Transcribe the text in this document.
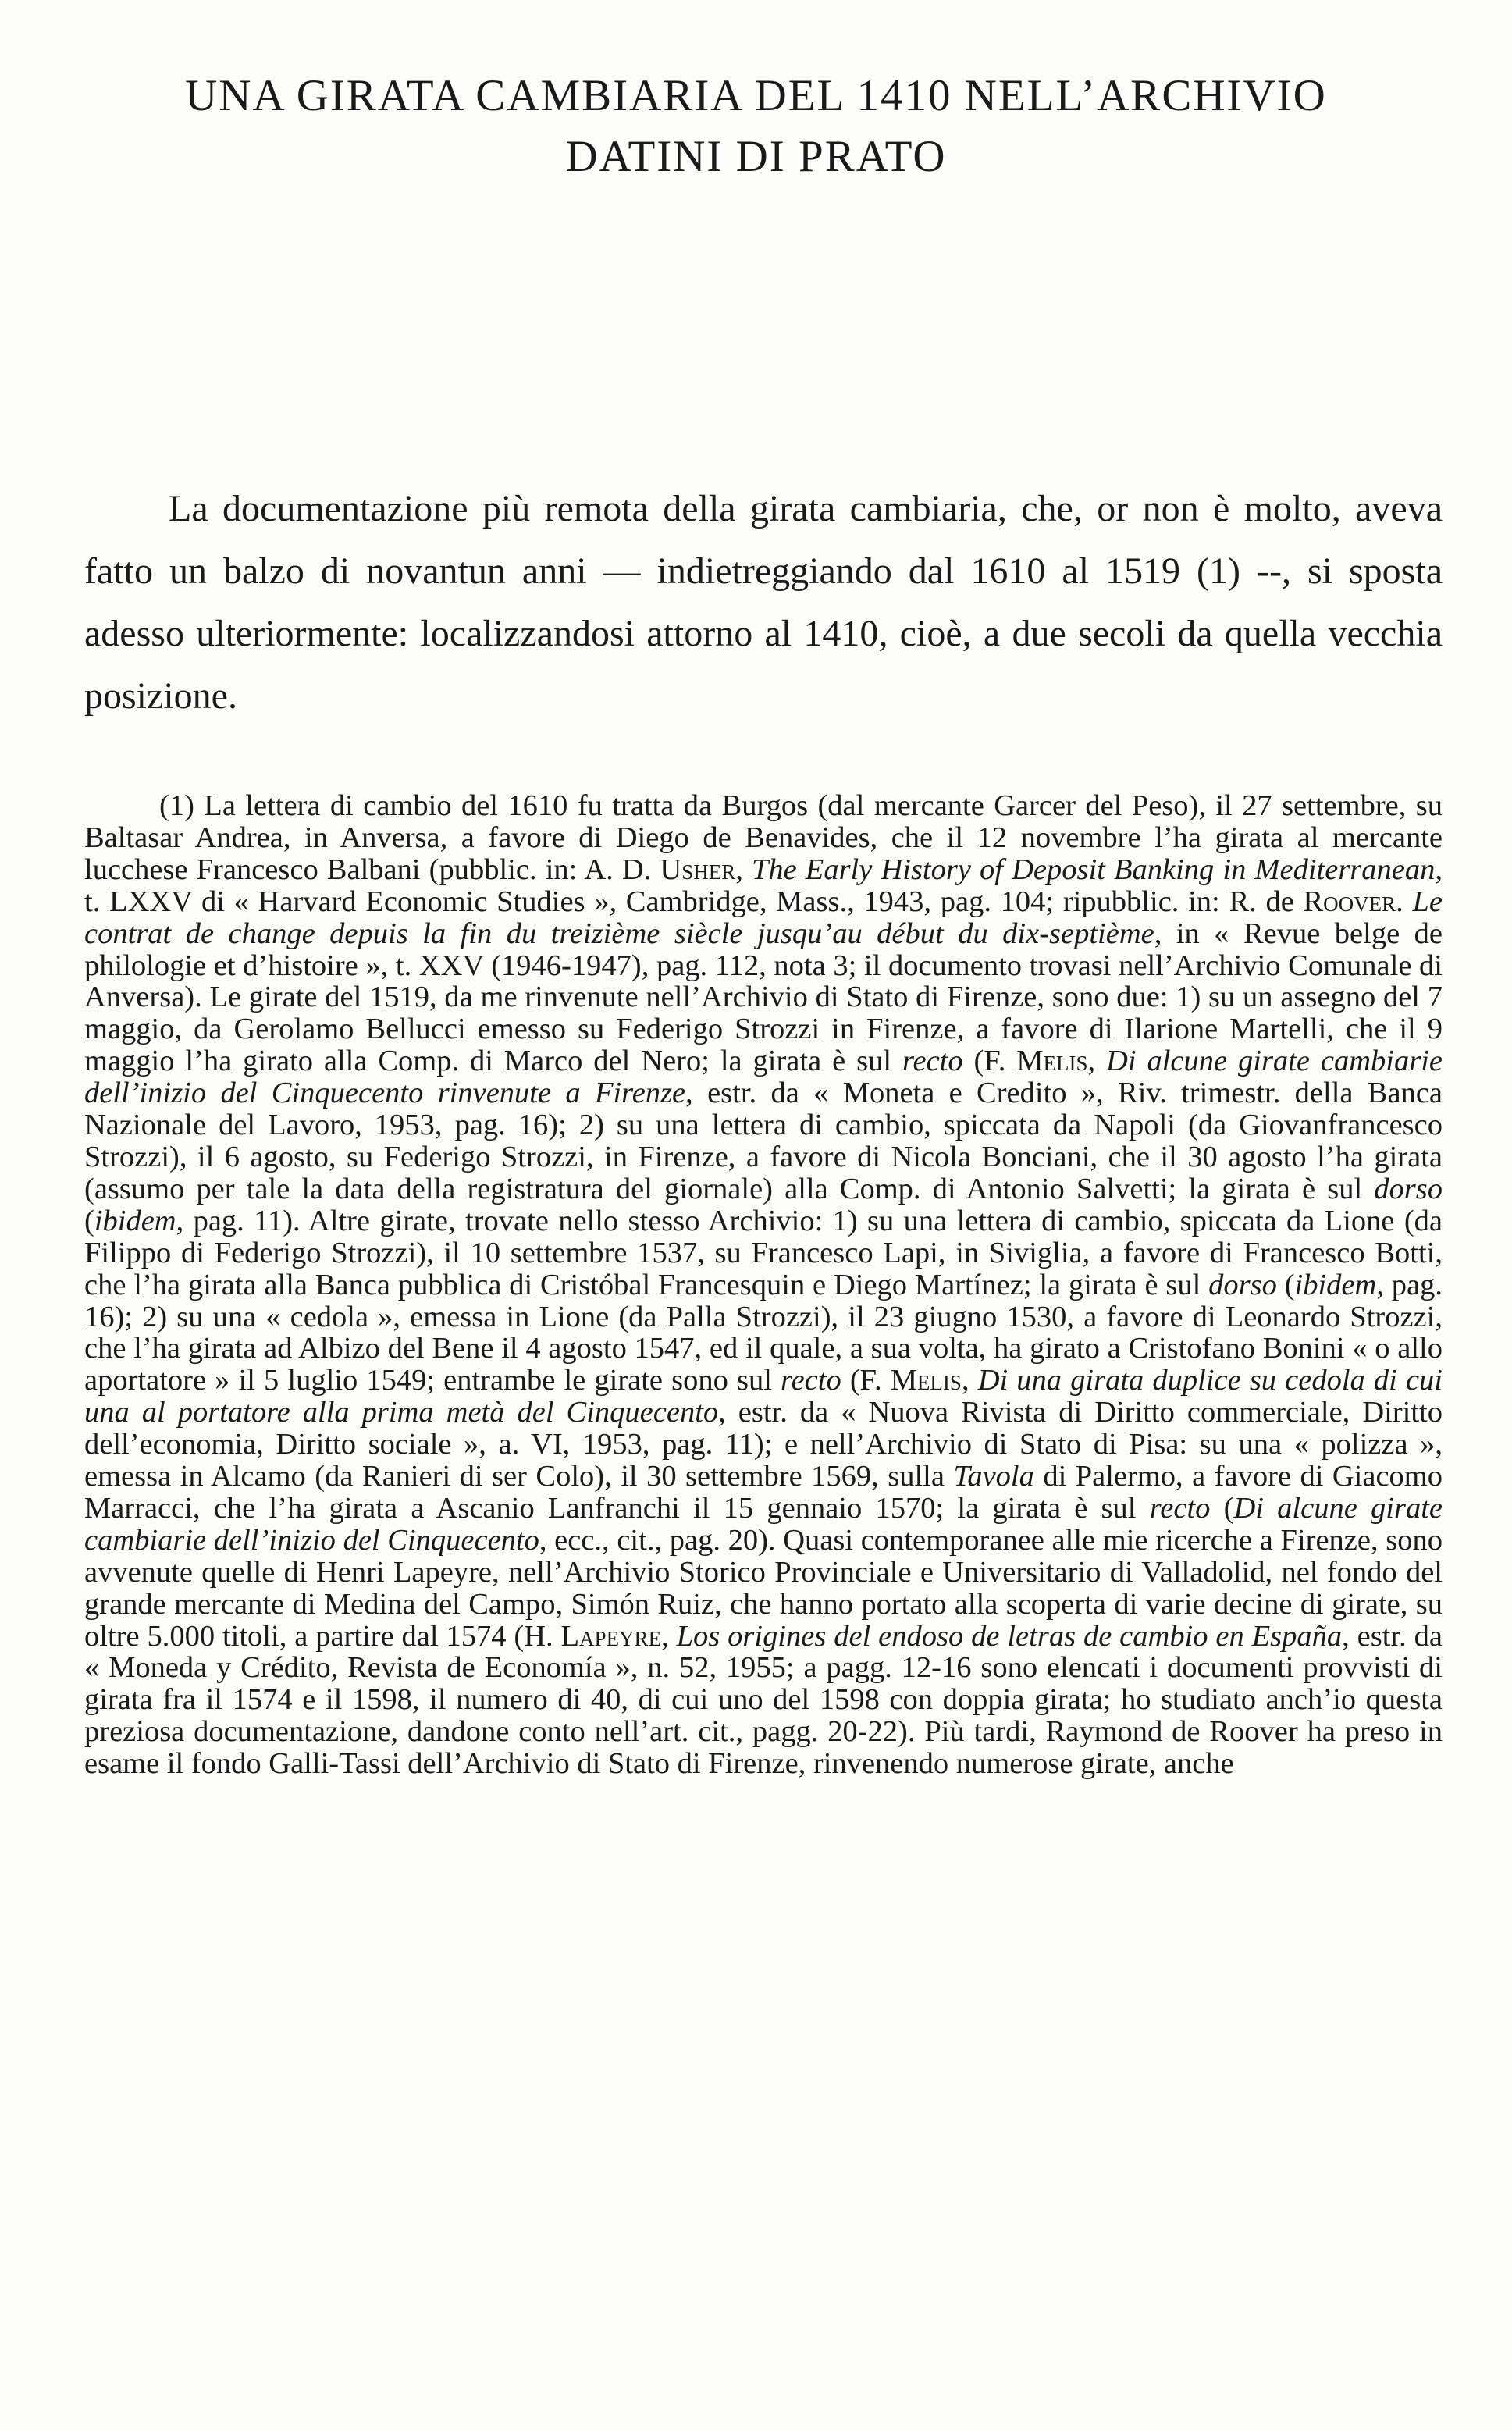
UNA GIRATA CAMBIARIA DEL 1410 NELL’ARCHIVIO
DATINI DI PRATO

La documentazione più remota della girata cambiaria, che, or non è molto, aveva fatto un balzo di novantun anni — indietreggiando dal 1610 al 1519 (1) --, si sposta adesso ulteriormente: localizzandosi attorno al 1410, cioè, a due secoli da quella vecchia posizione.

(1) La lettera di cambio del 1610 fu tratta da Burgos (dal mercante Garcer del Peso), il 27 settembre, su Baltasar Andrea, in Anversa, a favore di Diego de Benavides, che il 12 novembre l’ha girata al mercante lucchese Francesco Balbani (pubblic. in: A. D. Usher, The Early History of Deposit Banking in Mediterranean, t. LXXV di « Harvard Economic Studies », Cambridge, Mass., 1943, pag. 104; ripubblic. in: R. de Roover. Le contrat de change depuis la fin du treizième siècle jusqu’au début du dix-septième, in « Revue belge de philologie et d’histoire », t. XXV (1946-1947), pag. 112, nota 3; il documento trovasi nell’Archivio Comunale di Anversa). Le girate del 1519, da me rinvenute nell’Archivio di Stato di Firenze, sono due: 1) su un assegno del 7 maggio, da Gerolamo Bellucci emesso su Federigo Strozzi in Firenze, a favore di Ilarione Martelli, che il 9 maggio l’ha girato alla Comp. di Marco del Nero; la girata è sul recto (F. Melis, Di alcune girate cambiarie dell’inizio del Cinquecento rinvenute a Firenze, estr. da « Moneta e Credito », Riv. trimestr. della Banca Nazionale del Lavoro, 1953, pag. 16); 2) su una lettera di cambio, spiccata da Napoli (da Giovanfrancesco Strozzi), il 6 agosto, su Federigo Strozzi, in Firenze, a favore di Nicola Bonciani, che il 30 agosto l’ha girata (assumo per tale la data della registratura del giornale) alla Comp. di Antonio Salvetti; la girata è sul dorso (ibidem, pag. 11). Altre girate, trovate nello stesso Archivio: 1) su una lettera di cambio, spiccata da Lione (da Filippo di Federigo Strozzi), il 10 settembre 1537, su Francesco Lapi, in Siviglia, a favore di Francesco Botti, che l’ha girata alla Banca pubblica di Cristóbal Francesquin e Diego Martínez; la girata è sul dorso (ibidem, pag. 16); 2) su una « cedola », emessa in Lione (da Palla Strozzi), il 23 giugno 1530, a favore di Leonardo Strozzi, che l’ha girata ad Albizo del Bene il 4 agosto 1547, ed il quale, a sua volta, ha girato a Cristofano Bonini « o allo aportatore » il 5 luglio 1549; entrambe le girate sono sul recto (F. Melis, Di una girata duplice su cedola di cui una al portatore alla prima metà del Cinquecento, estr. da « Nuova Rivista di Diritto commerciale, Diritto dell’economia, Diritto sociale », a. VI, 1953, pag. 11); e nell’Archivio di Stato di Pisa: su una « polizza », emessa in Alcamo (da Ranieri di ser Colo), il 30 settembre 1569, sulla Tavola di Palermo, a favore di Giacomo Marracci, che l’ha girata a Ascanio Lanfranchi il 15 gennaio 1570; la girata è sul recto (Di alcune girate cambiarie dell’inizio del Cinquecento, ecc., cit., pag. 20). Quasi contemporanee alle mie ricerche a Firenze, sono avvenute quelle di Henri Lapeyre, nell’Archivio Storico Provinciale e Universitario di Valladolid, nel fondo del grande mercante di Medina del Campo, Simón Ruiz, che hanno portato alla scoperta di varie decine di girate, su oltre 5.000 titoli, a partire dal 1574 (H. Lapeyre, Los origines del endoso de letras de cambio en España, estr. da « Moneda y Crédito, Revista de Economía », n. 52, 1955; a pagg. 12-16 sono elencati i documenti provvisti di girata fra il 1574 e il 1598, il numero di 40, di cui uno del 1598 con doppia girata; ho studiato anch’io questa preziosa documentazione, dandone conto nell’art. cit., pagg. 20-22). Più tardi, Raymond de Roover ha preso in esame il fondo Galli-Tassi dell’Archivio di Stato di Firenze, rinvenendo numerose girate, anche
